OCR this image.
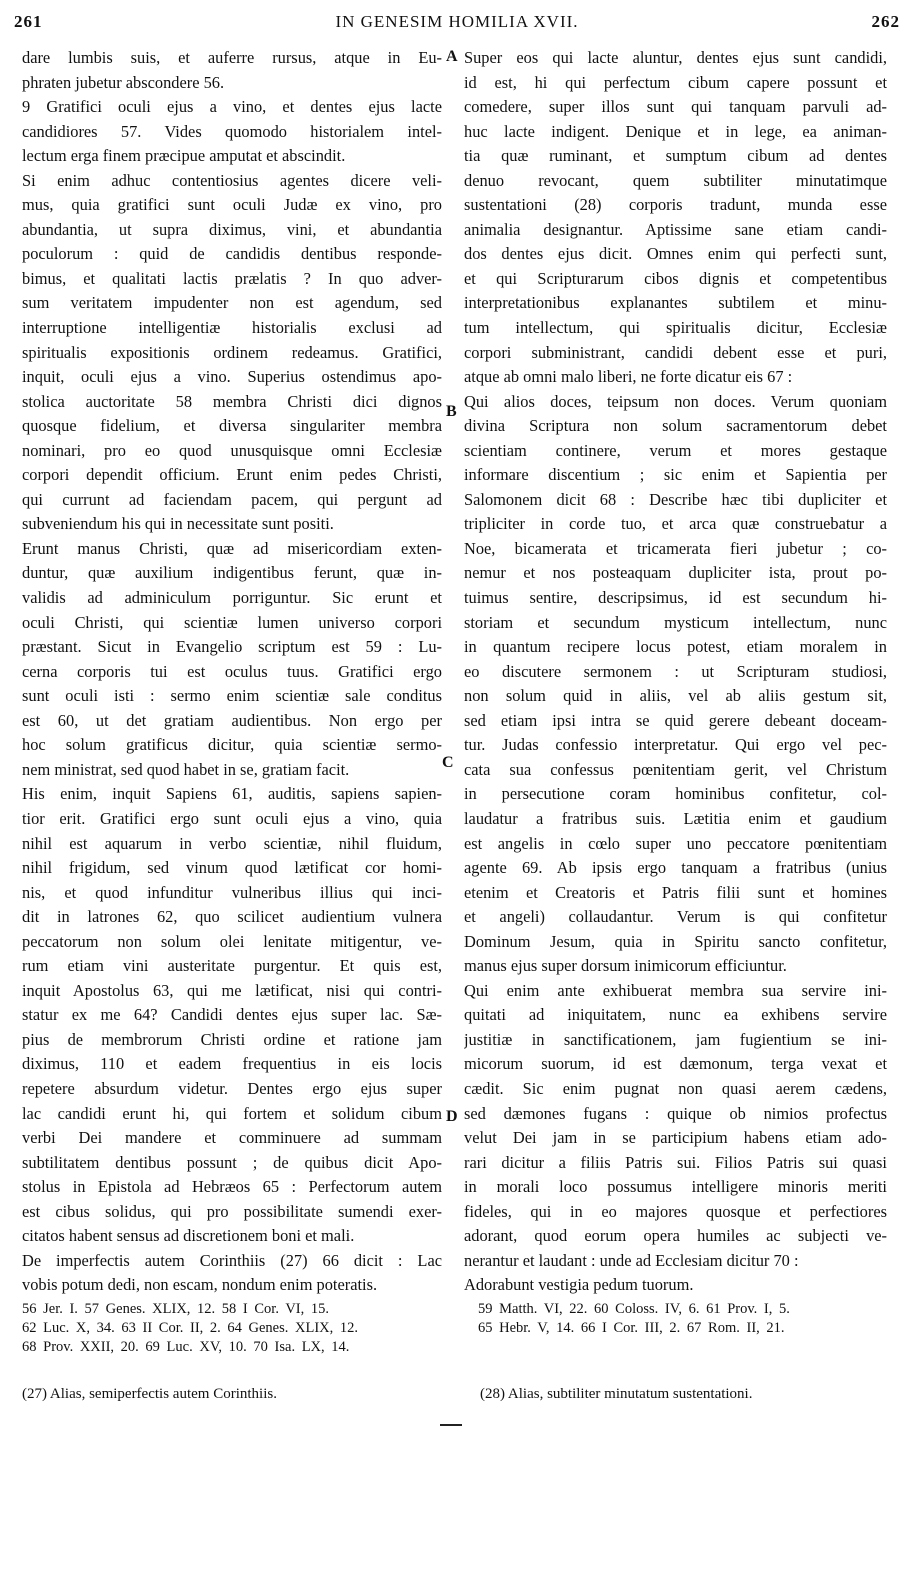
261	IN GENESIM HOMILIA XVII.	262
dare lumbis suis, et auferre rursus, atque in Eu-
phraten jubetur abscondere 56.
9 Gratifici oculi ejus a vino, et dentes ejus lacte
candidiores 57. Vides quomodo historialem intel-
lectum erga finem præcipue amputat et abscindit.
Si enim adhuc contentiosius agentes dicere veli-
mus, quia gratifici sunt oculi Judæ ex vino, pro
abundantia, ut supra diximus, vini, et abundantia
poculorum : quid de candidis dentibus responde-
bimus, et qualitati lactis prælatis ? In quo adver-
sum veritatem impudenter non est agendum, sed
interruptione intelligentiæ historialis exclusi ad
spiritualis expositionis ordinem redeamus. Gratifici,
inquit, oculi ejus a vino. Superius ostendimus apo-
stolica auctoritate 58 membra Christi dici dignos
quosque fidelium, et diversa singulariter membra
nominari, pro eo quod unusquisque omni Ecclesiæ
corpori dependit officium. Erunt enim pedes Christi,
qui currunt ad faciendam pacem, qui pergunt ad
subveniendum his qui in necessitate sunt positi.
Erunt manus Christi, quæ ad misericordiam exten-
duntur, quæ auxilium indigentibus ferunt, quæ in-
validis ad adminiculum porriguntur. Sic erunt et
oculi Christi, qui scientiæ lumen universo corpori
præstant. Sicut in Evangelio scriptum est 59 : Lu-
cerna corporis tui est oculus tuus. Gratifici ergo
sunt oculi isti : sermo enim scientiæ sale conditus
est 60, ut det gratiam audientibus. Non ergo per
hoc solum gratificus dicitur, quia scientiæ sermo-
nem ministrat, sed quod habet in se, gratiam facit.
His enim, inquit Sapiens 61, auditis, sapiens sapien-
tior erit. Gratifici ergo sunt oculi ejus a vino, quia
nihil est aquarum in verbo scientiæ, nihil fluidum,
nihil frigidum, sed vinum quod lætificat cor homi-
nis, et quod infunditur vulneribus illius qui inci-
dit in latrones 62, quo scilicet audientium vulnera
peccatorum non solum olei lenitate mitigentur, ve-
rum etiam vini austeritate purgentur. Et quis est,
inquit Apostolus 63, qui me lætificat, nisi qui contri-
statur ex me 64? Candidi dentes ejus super lac. Sæ-
pius de membrorum Christi ordine et ratione jam
diximus, 110 et eadem frequentius in eis locis
repetere absurdum videtur. Dentes ergo ejus super
lac candidi erunt hi, qui fortem et solidum cibum
verbi Dei mandere et comminuere ad summam
subtilitatem dentibus possunt ; de quibus dicit Apo-
stolus in Epistola ad Hebræos 65 : Perfectorum autem
est cibus solidus, qui pro possibilitate sumendi exer-
citatos habent sensus ad discretionem boni et mali.
De imperfectis autem Corinthiis (27) 66 dicit : Lac
vobis potum dedi, non escam, nondum enim poteratis.
Super eos qui lacte aluntur, dentes ejus sunt candidi,
id est, hi qui perfectum cibum capere possunt et
comedere, super illos sunt qui tanquam parvuli ad-
huc lacte indigent. Denique et in lege, ea animan-
tia quæ ruminant, et sumptum cibum ad dentes
denuo revocant, quem subtiliter minutatimque
sustentationi (28) corporis tradunt, munda esse
animalia designantur. Aptissime sane etiam candi-
dos dentes ejus dicit. Omnes enim qui perfecti sunt,
et qui Scripturarum cibos dignis et competentibus
interpretationibus explanantes subtilem et minu-
tum intellectum, qui spiritualis dicitur, Ecclesiæ
corpori subministrant, candidi debent esse et puri,
atque ab omni malo liberi, ne forte dicatur eis 67 :
Qui alios doces, teipsum non doces. Verum quoniam
divina Scriptura non solum sacramentorum debet
scientiam continere, verum et mores gestaque
informare discentium ; sic enim et Sapientia per
Salomonem dicit 68 : Describe hæc tibi dupliciter et
tripliciter in corde tuo, et arca quæ construebatur a
Noe, bicamerata et tricamerata fieri jubetur ; co-
nemur et nos posteaquam dupliciter ista, prout po-
tuimus sentire, descripsimus, id est secundum hi-
storiam et secundum mysticum intellectum, nunc
in quantum recipere locus potest, etiam moralem in
eo discutere sermonem : ut Scripturam studiosi,
non solum quid in aliis, vel ab aliis gestum sit,
sed etiam ipsi intra se quid gerere debeant doceam-
tur. Judas confessio interpretatur. Qui ergo vel pec-
cata sua confessus pœnitentiam gerit, vel Christum
in persecutione coram hominibus confitetur, col-
laudatur a fratribus suis. Lætitia enim et gaudium
est angelis in cœlo super uno peccatore pœnitentiam
agente 69. Ab ipsis ergo tanquam a fratribus (unius
etenim et Creatoris et Patris filii sunt et homines
et angeli) collaudantur. Verum is qui confitetur
Dominum Jesum, quia in Spiritu sancto confitetur,
manus ejus super dorsum inimicorum efficiuntur.
Qui enim ante exhibuerat membra sua servire ini-
quitati ad iniquitatem, nunc ea exhibens servire
justitiæ in sanctificationem, jam fugientium se ini-
micorum suorum, id est dæmonum, terga vexat et
cædit. Sic enim pugnat non quasi aerem cædens,
sed dæmones fugans : quique ob nimios profectus
velut Dei jam in se participium habens etiam ado-
rari dicitur a filiis Patris sui. Filios Patris sui quasi
in morali loco possumus intelligere minoris meriti
fideles, qui in eo majores quosque et perfectiores
adorant, quod eorum opera humiles ac subjecti ve-
nerantur et laudant : unde ad Ecclesiam dicitur 70 :
Adorabunt vestigia pedum tuorum.
A
B
C
D
56 Jer. I. 57 Genes. XLIX, 12. 58 I Cor. VI, 15.
62 Luc. X, 34. 63 II Cor. II, 2. 64 Genes. XLIX, 12.
68 Prov. XXII, 20. 69 Luc. XV, 10. 70 Isa. LX, 14.
59 Matth. VI, 22. 60 Coloss. IV, 6. 61 Prov. I, 5.
65 Hebr. V, 14. 66 I Cor. III, 2. 67 Rom. II, 21.
(27) Alias, semiperfectis autem Corinthiis.	(28) Alias, subtiliter minutatum sustentationi.
